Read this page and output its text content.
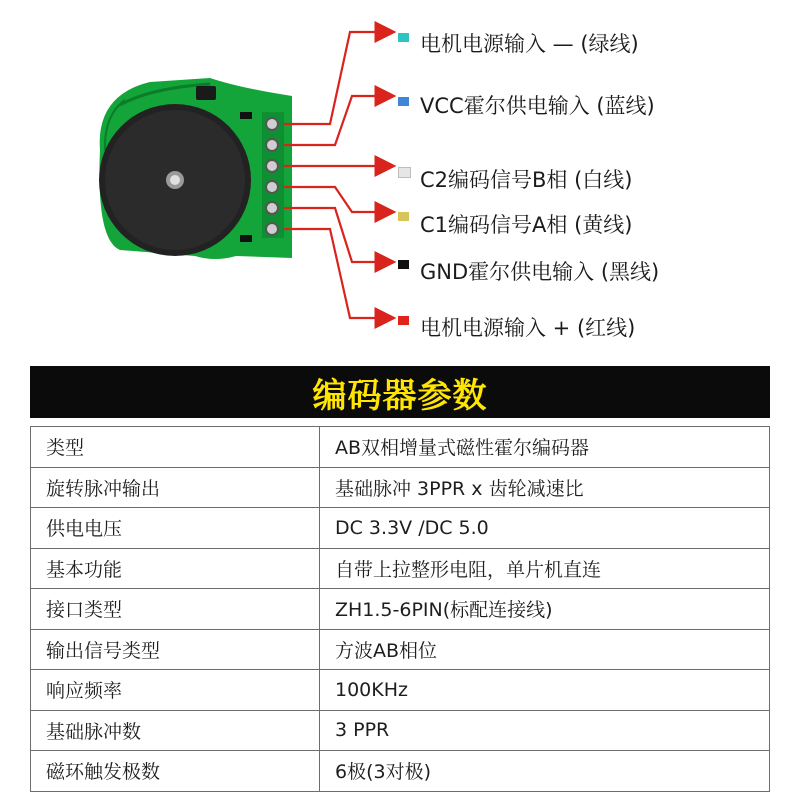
电机电源输入 — (绿线)
VCC霍尔供电输入 (蓝线)
C2编码信号B相 (白线)
C1编码信号A相 (黄线)
GND霍尔供电输入 (黑线)
电机电源输入 + (红线)
编码器参数
类型	AB双相增量式磁性霍尔编码器
旋转脉冲输出	基础脉冲 3PPR x 齿轮减速比
供电电压	DC 3.3V /DC 5.0
基本功能	自带上拉整形电阻，单片机直连
接口类型	ZH1.5-6PIN(标配连接线)
输出信号类型	方波AB相位
响应频率	100KHz
基础脉冲数	3 PPR
磁环触发极数	6极(3对极)
